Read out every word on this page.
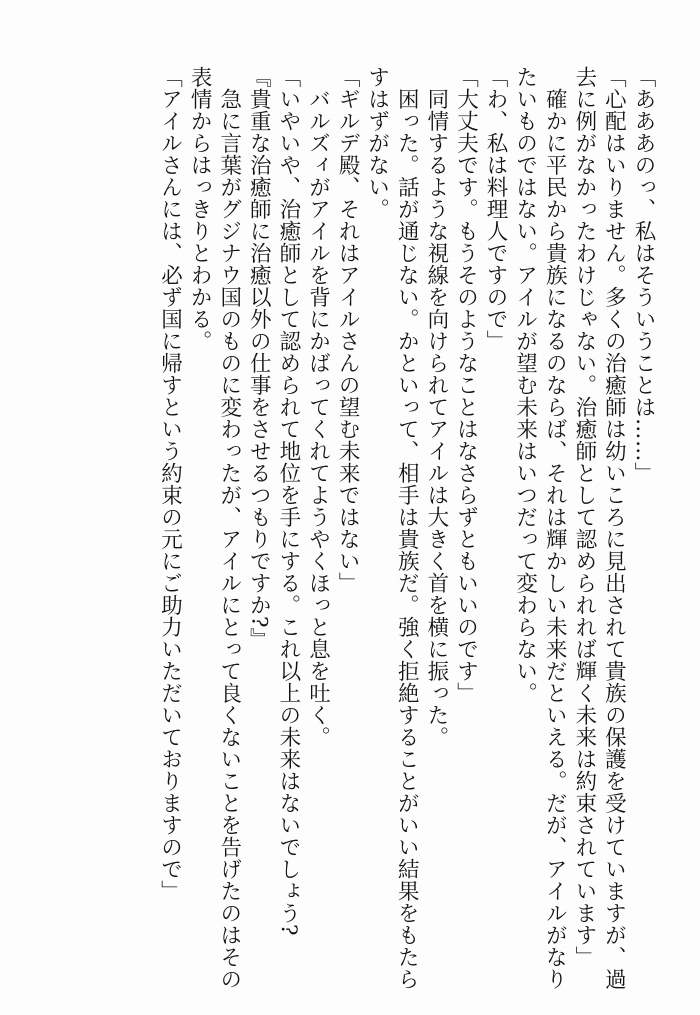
「あああのっ、私はそういうことは……」

「心配はいりません。多くの治癒師は幼いころに見出されて貴族の保護を受けていますが、過

去に例がなかったわけじゃない。治癒師として認められれば輝く未来は約束されています」

　確かに平民から貴族になるのならば、それは輝かしい未来だといえる。だが、アイルがなり

たいものではない。アイルが望む未来はいつだって変わらない。

「わ、私は料理人ですので」

「大丈夫です。もうそのようなことはなさらずともいいのです」

　同情するような視線を向けられてアイルは大きく首を横に振った。

　困った。話が通じない。かといって、相手は貴族だ。強く拒絶することがいい結果をもたら

すはずがない。

「ギルデ殿、それはアイルさんの望む未来ではない」

　バルズィがアイルを背にかばってくれてようやくほっと息を吐く。

「いやいや、治癒師として認められて地位を手にする。これ以上の未来はないでしょう?

『貴重な治癒師に治癒以外の仕事をさせるつもりですか?』

　急に言葉がグジナウ国のものに変わったが、アイルにとって良くないことを告げたのはその

表情からはっきりとわかる。

「アイルさんには、必ず国に帰すという約束の元にご助力いただいておりますので」
